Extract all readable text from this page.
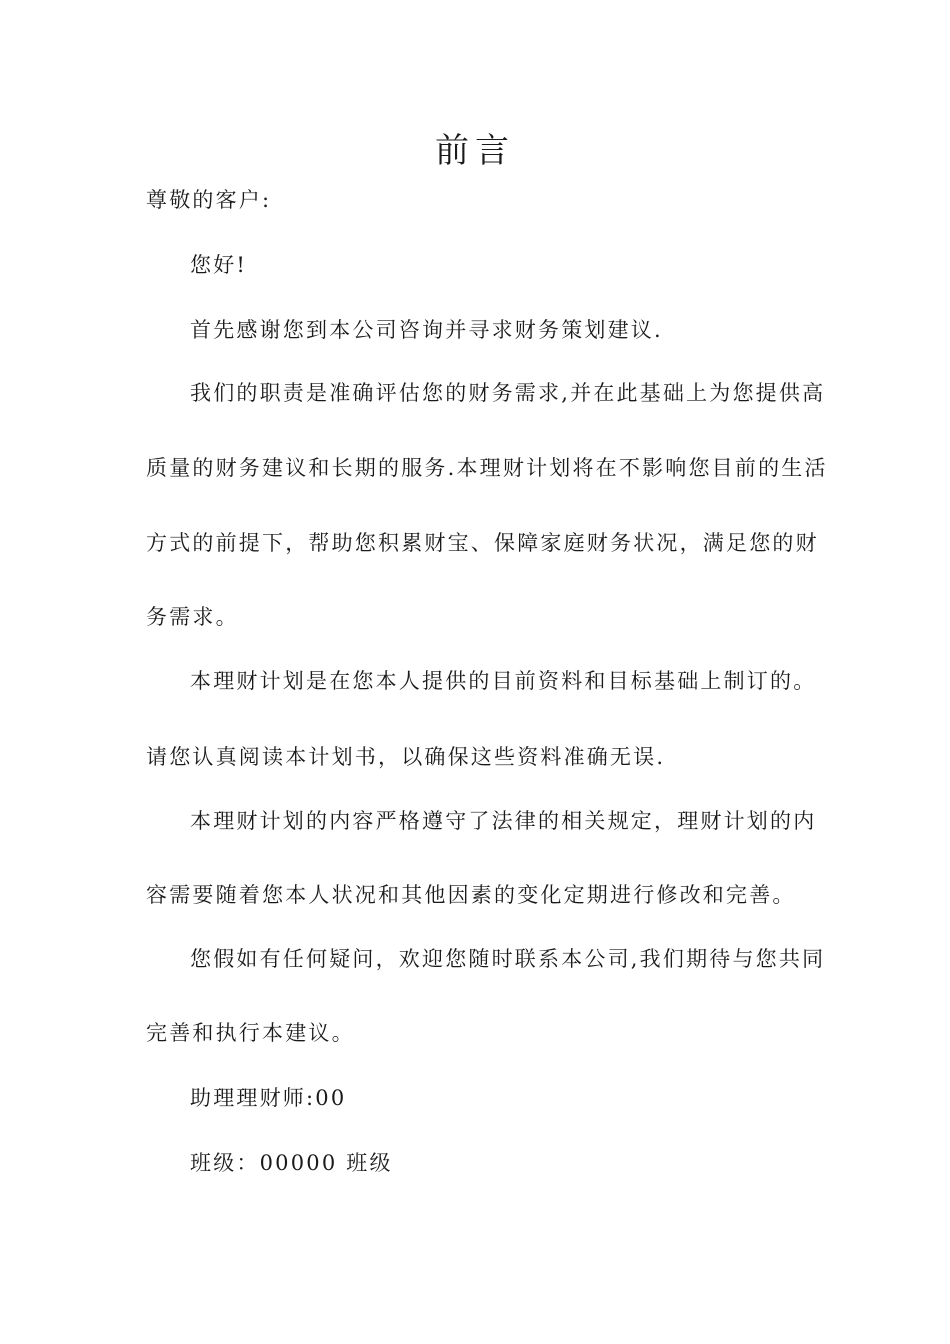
前言

尊敬的客户:

您好!

首先感谢您到本公司咨询并寻求财务策划建议.

我们的职责是准确评估您的财务需求,并在此基础上为您提供高

质量的财务建议和长期的服务.本理财计划将在不影响您目前的生活

方式的前提下，帮助您积累财宝、保障家庭财务状况，满足您的财

务需求。

本理财计划是在您本人提供的目前资料和目标基础上制订的。

请您认真阅读本计划书，以确保这些资料准确无误.

本理财计划的内容严格遵守了法律的相关规定，理财计划的内

容需要随着您本人状况和其他因素的变化定期进行修改和完善。

您假如有任何疑问，欢迎您随时联系本公司,我们期待与您共同

完善和执行本建议。

助理理财师:00

班级：00000 班级
